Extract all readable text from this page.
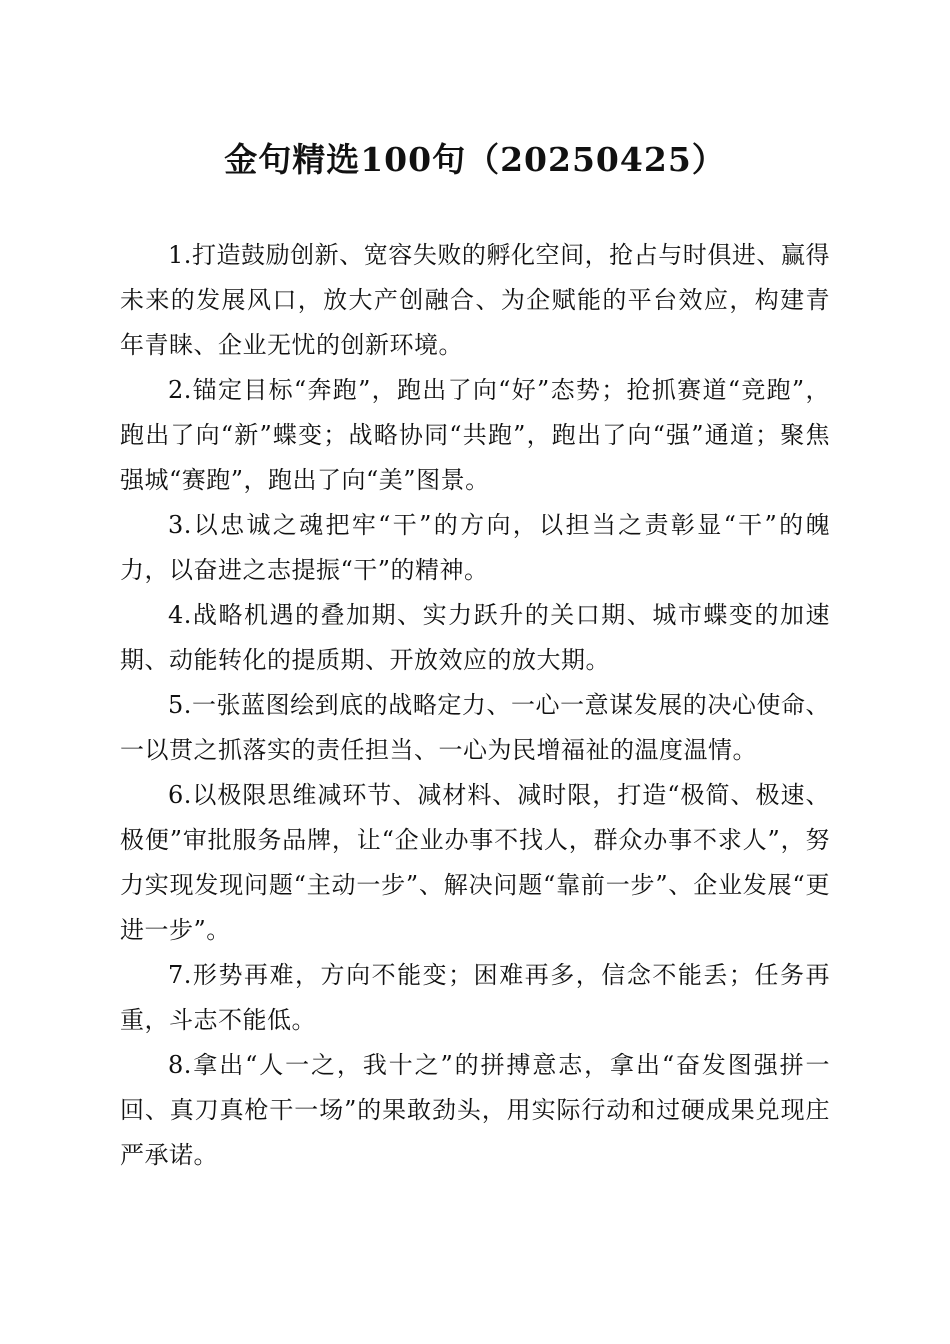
金句精选100句（20250425）

1.打造鼓励创新、宽容失败的孵化空间，抢占与时俱进、赢得未来的发展风口，放大产创融合、为企赋能的平台效应，构建青年青睐、企业无忧的创新环境。

2.锚定目标“奔跑”，跑出了向“好”态势；抢抓赛道“竞跑”，跑出了向“新”蝶变；战略协同“共跑”，跑出了向“强”通道；聚焦强城“赛跑”，跑出了向“美”图景。

3.以忠诚之魂把牢“干”的方向，以担当之责彰显“干”的魄力，以奋进之志提振“干”的精神。

4.战略机遇的叠加期、实力跃升的关口期、城市蝶变的加速期、动能转化的提质期、开放效应的放大期。

5.一张蓝图绘到底的战略定力、一心一意谋发展的决心使命、一以贯之抓落实的责任担当、一心为民增福祉的温度温情。

6.以极限思维减环节、减材料、减时限，打造“极简、极速、极便”审批服务品牌，让“企业办事不找人，群众办事不求人”，努力实现发现问题“主动一步”、解决问题“靠前一步”、企业发展“更进一步”。

7.形势再难，方向不能变；困难再多，信念不能丢；任务再重，斗志不能低。

8.拿出“人一之，我十之”的拼搏意志，拿出“奋发图强拼一回、真刀真枪干一场”的果敢劲头，用实际行动和过硬成果兑现庄严承诺。
